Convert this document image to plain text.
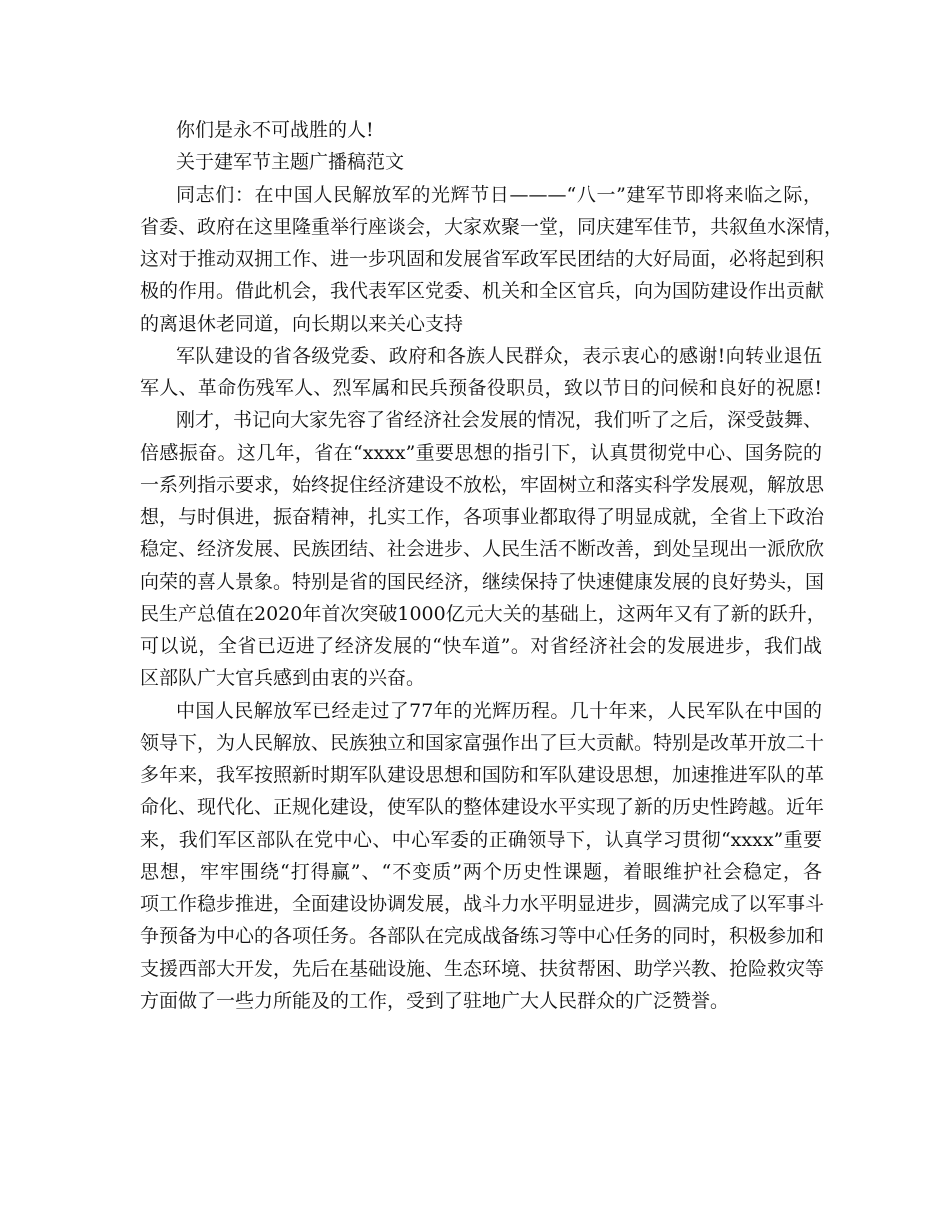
你们是永不可战胜的人!
关于建军节主题广播稿范文
同志们：在中国人民解放军的光辉节日———“八一”建军节即将来临之际，
省委、政府在这里隆重举行座谈会，大家欢聚一堂，同庆建军佳节，共叙鱼水深情，
这对于推动双拥工作、进一步巩固和发展省军政军民团结的大好局面，必将起到积
极的作用。借此机会，我代表军区党委、机关和全区官兵，向为国防建设作出贡献
的离退休老同道，向长期以来关心支持
军队建设的省各级党委、政府和各族人民群众，表示衷心的感谢!向转业退伍
军人、革命伤残军人、烈军属和民兵预备役职员，致以节日的问候和良好的祝愿!
刚才，书记向大家先容了省经济社会发展的情况，我们听了之后，深受鼓舞、
倍感振奋。这几年，省在“xxxx”重要思想的指引下，认真贯彻党中心、国务院的
一系列指示要求，始终捉住经济建设不放松，牢固树立和落实科学发展观，解放思
想，与时俱进，振奋精神，扎实工作，各项事业都取得了明显成就，全省上下政治
稳定、经济发展、民族团结、社会进步、人民生活不断改善，到处呈现出一派欣欣
向荣的喜人景象。特别是省的国民经济，继续保持了快速健康发展的良好势头，国
民生产总值在2020年首次突破1000亿元大关的基础上，这两年又有了新的跃升，
可以说，全省已迈进了经济发展的“快车道”。对省经济社会的发展进步，我们战
区部队广大官兵感到由衷的兴奋。
中国人民解放军已经走过了77年的光辉历程。几十年来，人民军队在中国的
领导下，为人民解放、民族独立和国家富强作出了巨大贡献。特别是改革开放二十
多年来，我军按照新时期军队建设思想和国防和军队建设思想，加速推进军队的革
命化、现代化、正规化建设，使军队的整体建设水平实现了新的历史性跨越。近年
来，我们军区部队在党中心、中心军委的正确领导下，认真学习贯彻“xxxx”重要
思想，牢牢围绕“打得赢”、“不变质”两个历史性课题，着眼维护社会稳定，各
项工作稳步推进，全面建设协调发展，战斗力水平明显进步，圆满完成了以军事斗
争预备为中心的各项任务。各部队在完成战备练习等中心任务的同时，积极参加和
支援西部大开发，先后在基础设施、生态环境、扶贫帮困、助学兴教、抢险救灾等
方面做了一些力所能及的工作，受到了驻地广大人民群众的广泛赞誉。
